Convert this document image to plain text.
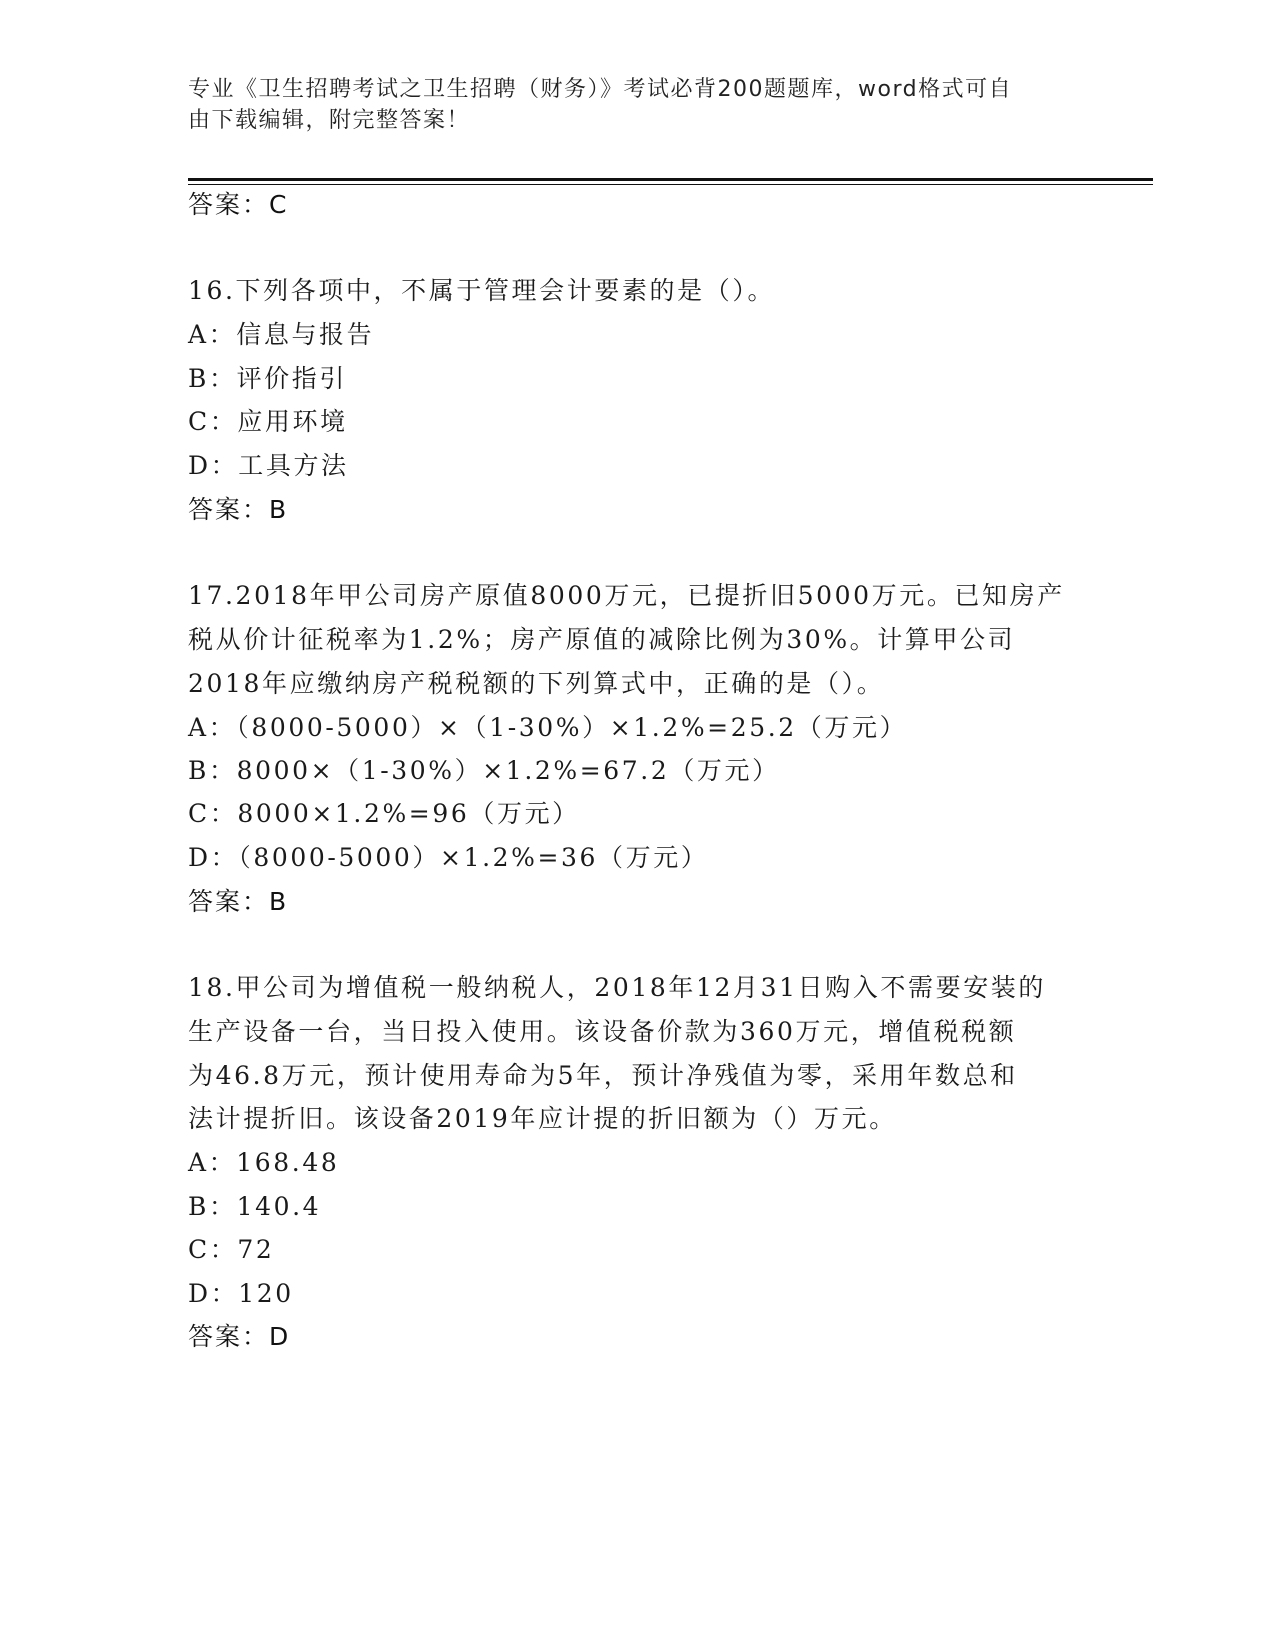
专业《卫生招聘考试之卫生招聘（财务）》考试必背200题题库，word格式可自
由下载编辑，附完整答案！
答案：C
16.下列各项中，不属于管理会计要素的是（）。
A：信息与报告
B：评价指引
C：应用环境
D：工具方法
答案：B
17.2018年甲公司房产原值8000万元，已提折旧5000万元。已知房产
税从价计征税率为1.2%；房产原值的减除比例为30%。计算甲公司
2018年应缴纳房产税税额的下列算式中，正确的是（）。
A：（8000-5000）×（1-30%）×1.2%=25.2（万元）
B：8000×（1-30%）×1.2%=67.2（万元）
C：8000×1.2%=96（万元）
D：（8000-5000）×1.2%=36（万元）
答案：B
18.甲公司为增值税一般纳税人，2018年12月31日购入不需要安装的
生产设备一台，当日投入使用。该设备价款为360万元，增值税税额
为46.8万元，预计使用寿命为5年，预计净残值为零，采用年数总和
法计提折旧。该设备2019年应计提的折旧额为（）万元。
A：168.48
B：140.4
C：72
D：120
答案：D
